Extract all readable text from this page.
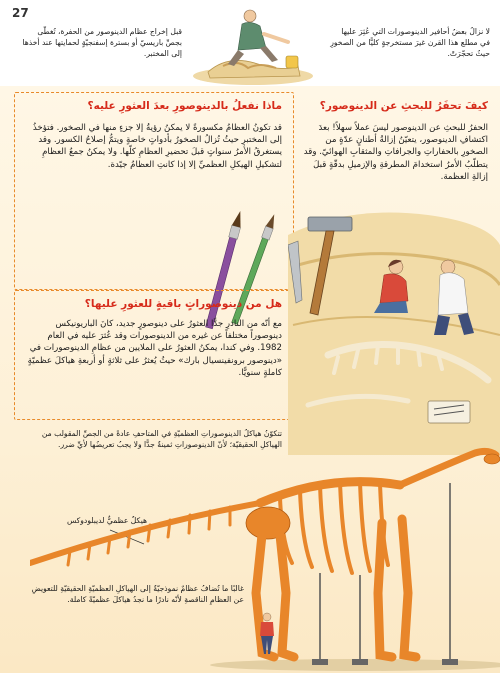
27
لا نزالُ بعضُ أحافير الدينوصورات التي عُثِرَ عليها في مطلع هذا القرن غيرَ مستخرجةٍ كليًّا من الصخورِ حيثُ تحجّرَتْ.
قبل إخراج عظام الدينوصور من الحفرة، تُغطّى بجصِّ باريسيّ أو بسترة إسفنجيّةٍ لحمايتها عند أخذها إلى المختبر.
كيفَ تحفَرُ للبحثِ عن الدينوصور؟
الحفرُ للبحثِ عن الدينوصور ليسَ عملاً سهلاً! بعدَ اكتشافِ الدينوصور، يتعيّنُ إزالةُ أطنانٍ عدّةٍ من الصخورِ بالحفاراتِ والجرافاتِ والمثقابِ الهوائيّ. وقد يتطلّبُ الأمرُ استخدامَ المطرقةِ والإزميلِ بدقّةٍ قبلَ إزالةِ العظمة.
ماذا نفعلُ بالدينوصورِ بعدَ العثورِ عليه؟
قد تكونُ العظامُ مكسورةً لا يمكنُ رؤيةُ إلا جزءٍ منها في الصخور. فتؤخذُ إلى المختبرِ حيثُ تُزالُ الصخورُ بأدواتٍ خاصةٍ ويتمُّ إصلاحُ الكسور. وقد يستغرقُ الأمرُ سنواتٍ قبلَ تحضيرِ العظامِ كلّها. ولا يمكنُ جمعُ العظامِ لتشكيلِ الهيكلِ العظميِّ إلا إذا كانتِ العظامُ جيّدة.
هل من دينوصوراتٍ باقيةٍ للعثورِ عليها؟
مع أنّه من النادرِ جدًّا العثورُ على دينوصورٍ جديد، كانَ الباريونيكس دينوصوراً مختلفاً عن غيره من الدينوصورات وقد عُثرَ عليه في العام 1982. وفي كندا، يمكنُ العثورُ على الملايين من عظامِ الدينوصورات في «دينوصور برونفينسيال بارك» حيثُ يُعثرُ على ثلاثةٍ أو أربعةِ هياكلَ عظميّةٍ كاملةٍ سنويًّا.
تتكوّنُ هياكلُ الدينوصوراتِ العظميّةِ في المتاحفِ عادةً من الجصِّ المقولب من الهياكلِ الحقيقيّة؛ لأنّ الدينوصوراتِ ثمينةٌ جدًّا ولا يجبُ تعريضُها لأيِّ ضرر.
هيكلٌ عظميٌّ لديبلودوكس
غالبًا ما تُضافُ عظامٌ نموذجيّةٌ إلى الهياكلِ العظميّةِ الحقيقيّةِ للتعويضِ عن العظامِ الناقصةِ لأنّه نادرًا ما نجدُ هياكلَ عظميّةً كاملة.
